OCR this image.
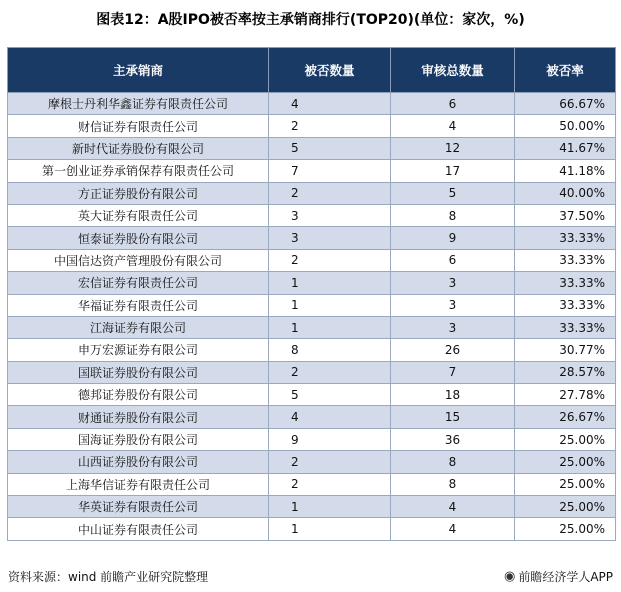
图表12：A股IPO被否率按主承销商排行(TOP20)(单位：家次，%)
主承销商	被否数量	审核总数量	被否率
摩根士丹利华鑫证券有限责任公司	4	6	66.67%
财信证券有限责任公司	2	4	50.00%
新时代证券股份有限公司	5	12	41.67%
第一创业证券承销保荐有限责任公司	7	17	41.18%
方正证券股份有限公司	2	5	40.00%
英大证券有限责任公司	3	8	37.50%
恒泰证券股份有限公司	3	9	33.33%
中国信达资产管理股份有限公司	2	6	33.33%
宏信证券有限责任公司	1	3	33.33%
华福证券有限责任公司	1	3	33.33%
江海证券有限公司	1	3	33.33%
申万宏源证券有限公司	8	26	30.77%
国联证券股份有限公司	2	7	28.57%
德邦证券股份有限公司	5	18	27.78%
财通证券股份有限公司	4	15	26.67%
国海证券股份有限公司	9	36	25.00%
山西证券股份有限公司	2	8	25.00%
上海华信证券有限责任公司	2	8	25.00%
华英证券有限责任公司	1	4	25.00%
中山证券有限责任公司	1	4	25.00%
资料来源：wind 前瞻产业研究院整理	◉ 前瞻经济学人APP
